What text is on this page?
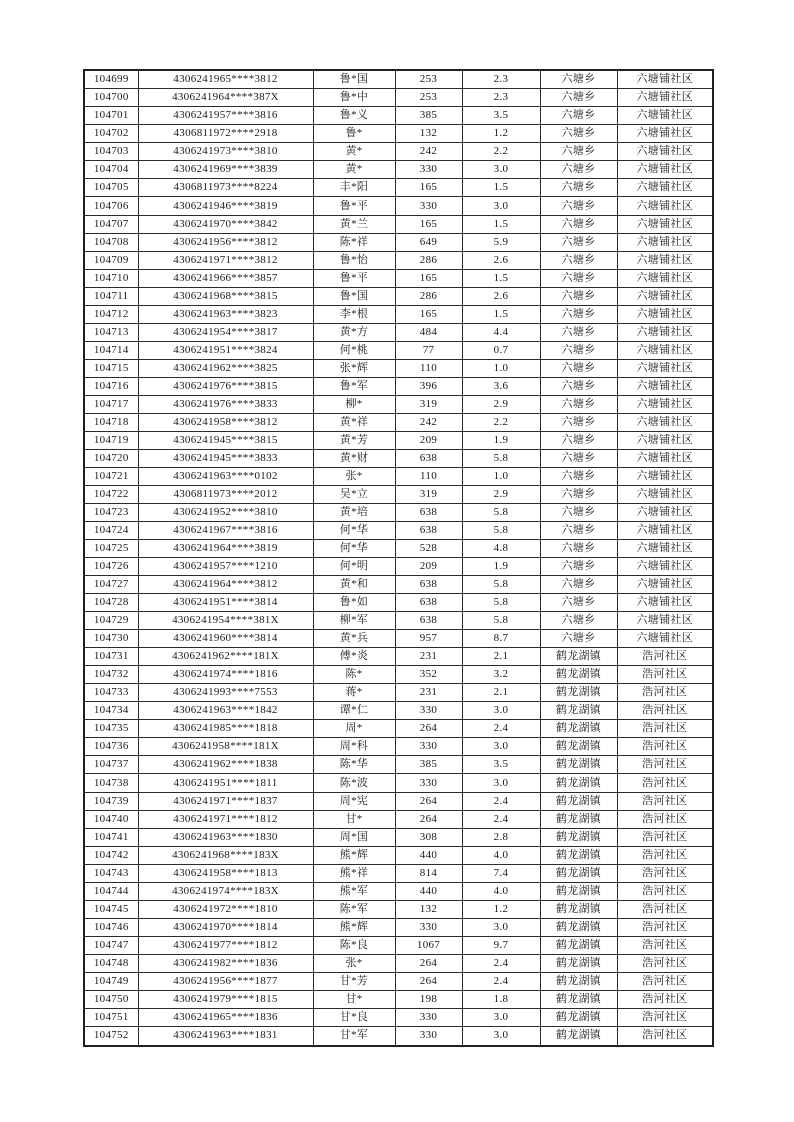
104699	4306241965****3812	鲁*国	253	2.3	六塘乡	六塘铺社区
104700	4306241964****387X	鲁*中	253	2.3	六塘乡	六塘铺社区
104701	4306241957****3816	鲁*义	385	3.5	六塘乡	六塘铺社区
104702	4306811972****2918	鲁*	132	1.2	六塘乡	六塘铺社区
104703	4306241973****3810	黄*	242	2.2	六塘乡	六塘铺社区
104704	4306241969****3839	黄*	330	3.0	六塘乡	六塘铺社区
104705	4306811973****8224	丰*阳	165	1.5	六塘乡	六塘铺社区
104706	4306241946****3819	鲁*平	330	3.0	六塘乡	六塘铺社区
104707	4306241970****3842	黄*兰	165	1.5	六塘乡	六塘铺社区
104708	4306241956****3812	陈*祥	649	5.9	六塘乡	六塘铺社区
104709	4306241971****3812	鲁*怡	286	2.6	六塘乡	六塘铺社区
104710	4306241966****3857	鲁*平	165	1.5	六塘乡	六塘铺社区
104711	4306241968****3815	鲁*国	286	2.6	六塘乡	六塘铺社区
104712	4306241963****3823	李*根	165	1.5	六塘乡	六塘铺社区
104713	4306241954****3817	黄*方	484	4.4	六塘乡	六塘铺社区
104714	4306241951****3824	何*桃	77	0.7	六塘乡	六塘铺社区
104715	4306241962****3825	张*辉	110	1.0	六塘乡	六塘铺社区
104716	4306241976****3815	鲁*军	396	3.6	六塘乡	六塘铺社区
104717	4306241976****3833	柳*	319	2.9	六塘乡	六塘铺社区
104718	4306241958****3812	黄*祥	242	2.2	六塘乡	六塘铺社区
104719	4306241945****3815	黄*芳	209	1.9	六塘乡	六塘铺社区
104720	4306241945****3833	黄*财	638	5.8	六塘乡	六塘铺社区
104721	4306241963****0102	张*	110	1.0	六塘乡	六塘铺社区
104722	4306811973****2012	吴*立	319	2.9	六塘乡	六塘铺社区
104723	4306241952****3810	黄*培	638	5.8	六塘乡	六塘铺社区
104724	4306241967****3816	何*华	638	5.8	六塘乡	六塘铺社区
104725	4306241964****3819	何*华	528	4.8	六塘乡	六塘铺社区
104726	4306241957****1210	何*明	209	1.9	六塘乡	六塘铺社区
104727	4306241964****3812	黄*和	638	5.8	六塘乡	六塘铺社区
104728	4306241951****3814	鲁*如	638	5.8	六塘乡	六塘铺社区
104729	4306241954****381X	柳*军	638	5.8	六塘乡	六塘铺社区
104730	4306241960****3814	黄*兵	957	8.7	六塘乡	六塘铺社区
104731	4306241962****181X	傅*炎	231	2.1	鹤龙湖镇	浩河社区
104732	4306241974****1816	陈*	352	3.2	鹤龙湖镇	浩河社区
104733	4306241993****7553	蒋*	231	2.1	鹤龙湖镇	浩河社区
104734	4306241963****1842	谭*仁	330	3.0	鹤龙湖镇	浩河社区
104735	4306241985****1818	周*	264	2.4	鹤龙湖镇	浩河社区
104736	4306241958****181X	周*科	330	3.0	鹤龙湖镇	浩河社区
104737	4306241962****1838	陈*华	385	3.5	鹤龙湖镇	浩河社区
104738	4306241951****1811	陈*波	330	3.0	鹤龙湖镇	浩河社区
104739	4306241971****1837	周*宪	264	2.4	鹤龙湖镇	浩河社区
104740	4306241971****1812	甘*	264	2.4	鹤龙湖镇	浩河社区
104741	4306241963****1830	周*国	308	2.8	鹤龙湖镇	浩河社区
104742	4306241968****183X	熊*辉	440	4.0	鹤龙湖镇	浩河社区
104743	4306241958****1813	熊*祥	814	7.4	鹤龙湖镇	浩河社区
104744	4306241974****183X	熊*军	440	4.0	鹤龙湖镇	浩河社区
104745	4306241972****1810	陈*军	132	1.2	鹤龙湖镇	浩河社区
104746	4306241970****1814	熊*辉	330	3.0	鹤龙湖镇	浩河社区
104747	4306241977****1812	陈*良	1067	9.7	鹤龙湖镇	浩河社区
104748	4306241982****1836	张*	264	2.4	鹤龙湖镇	浩河社区
104749	4306241956****1877	甘*芳	264	2.4	鹤龙湖镇	浩河社区
104750	4306241979****1815	甘*	198	1.8	鹤龙湖镇	浩河社区
104751	4306241965****1836	甘*良	330	3.0	鹤龙湖镇	浩河社区
104752	4306241963****1831	甘*军	330	3.0	鹤龙湖镇	浩河社区
